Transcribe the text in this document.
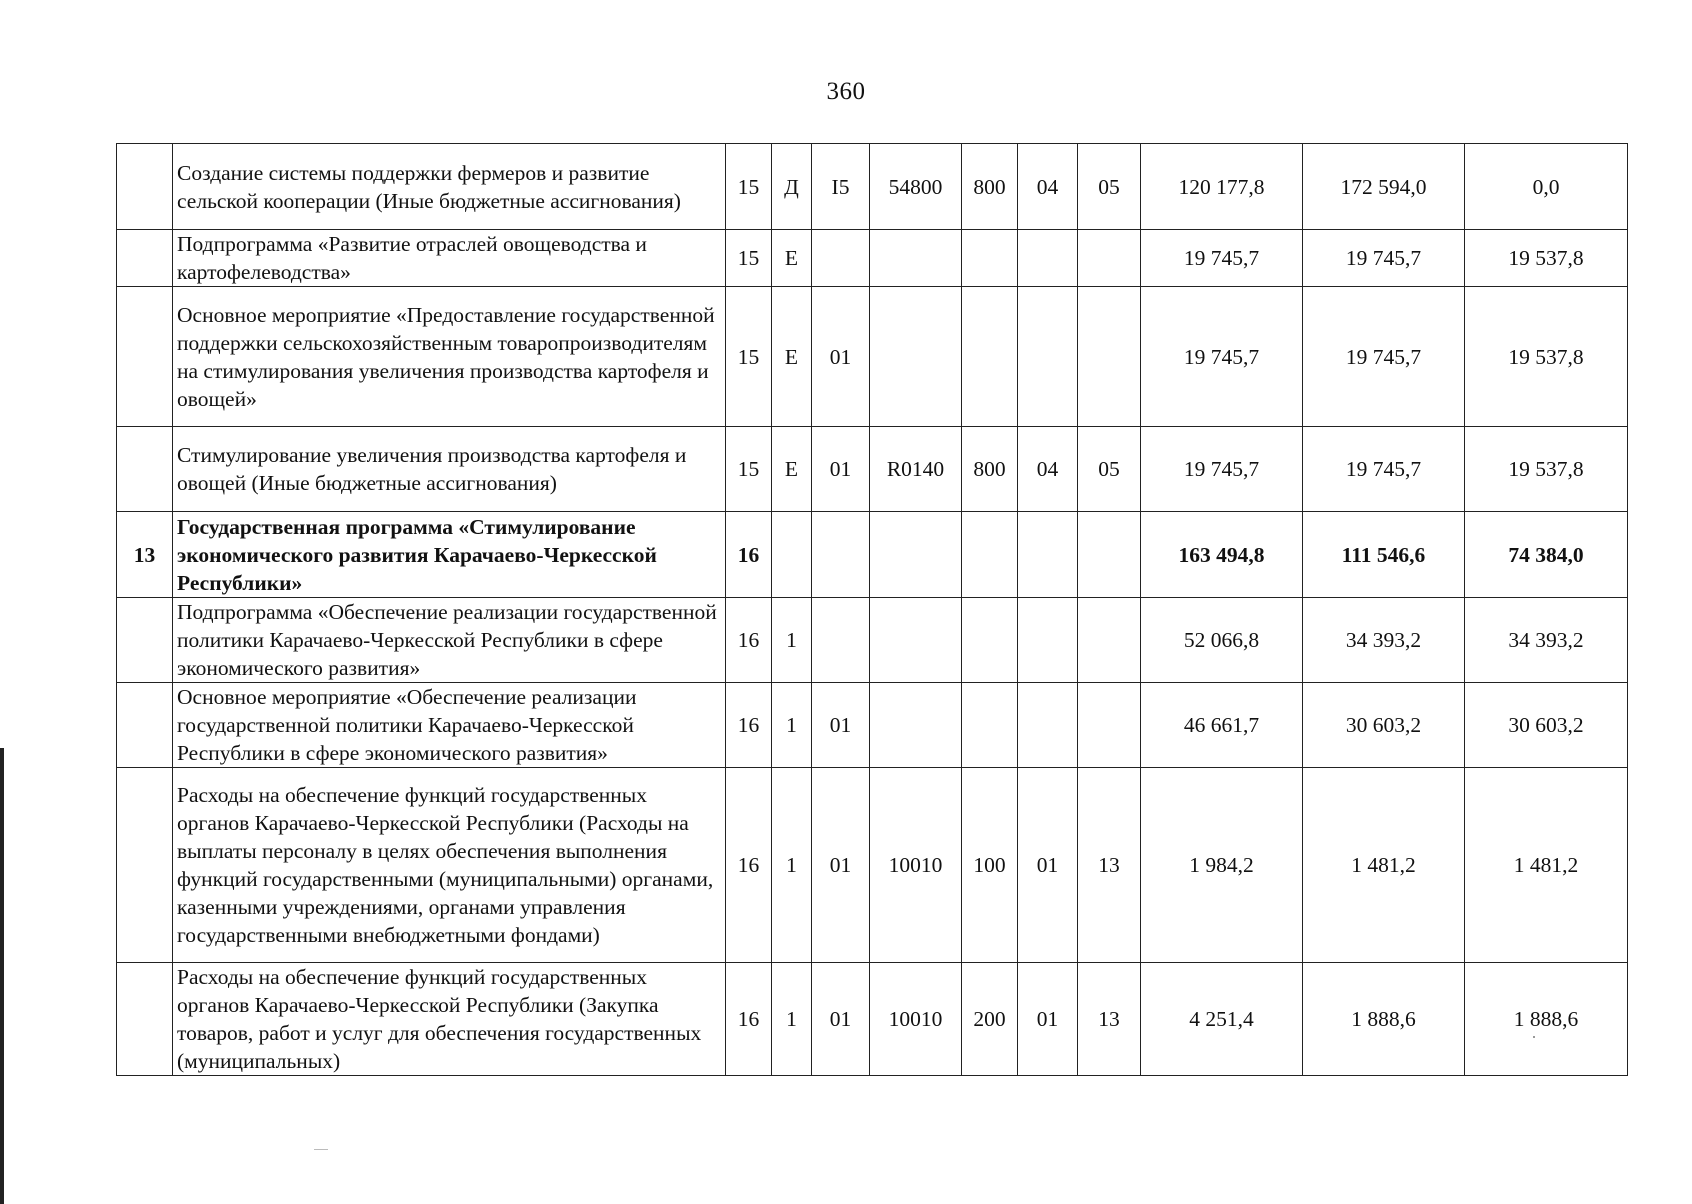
360
	Создание системы поддержки фермеров и развитие сельской кооперации (Иные бюджетные ассигнования)	15	Д	I5	54800	800	04	05	120 177,8	172 594,0	0,0
	Подпрограмма «Развитие отраслей овощеводства и картофелеводства»	15	Е						19 745,7	19 745,7	19 537,8
	Основное мероприятие «Предоставление государственной поддержки сельскохозяйственным товаропроизводителям на стимулирования увеличения производства картофеля и овощей»	15	Е	01					19 745,7	19 745,7	19 537,8
	Стимулирование увеличения производства картофеля и овощей (Иные бюджетные ассигнования)	15	Е	01	R0140	800	04	05	19 745,7	19 745,7	19 537,8
13	Государственная программа «Стимулирование экономического развития Карачаево-Черкесской Республики»	16							163 494,8	111 546,6	74 384,0
	Подпрограмма «Обеспечение реализации государственной политики Карачаево-Черкесской Республики в сфере экономического развития»	16	1						52 066,8	34 393,2	34 393,2
	Основное мероприятие «Обеспечение реализации государственной политики Карачаево-Черкесской Республики в сфере экономического развития»	16	1	01					46 661,7	30 603,2	30 603,2
	Расходы на обеспечение функций государственных органов Карачаево-Черкесской Республики (Расходы на выплаты персоналу в целях обеспечения выполнения функций государственными (муниципальными) органами, казенными учреждениями, органами управления государственными внебюджетными фондами)	16	1	01	10010	100	01	13	1 984,2	1 481,2	1 481,2
	Расходы на обеспечение функций государственных органов Карачаево-Черкесской Республики (Закупка товаров, работ и услуг для обеспечения государственных (муниципальных)	16	1	01	10010	200	01	13	4 251,4	1 888,6	1 888,6
